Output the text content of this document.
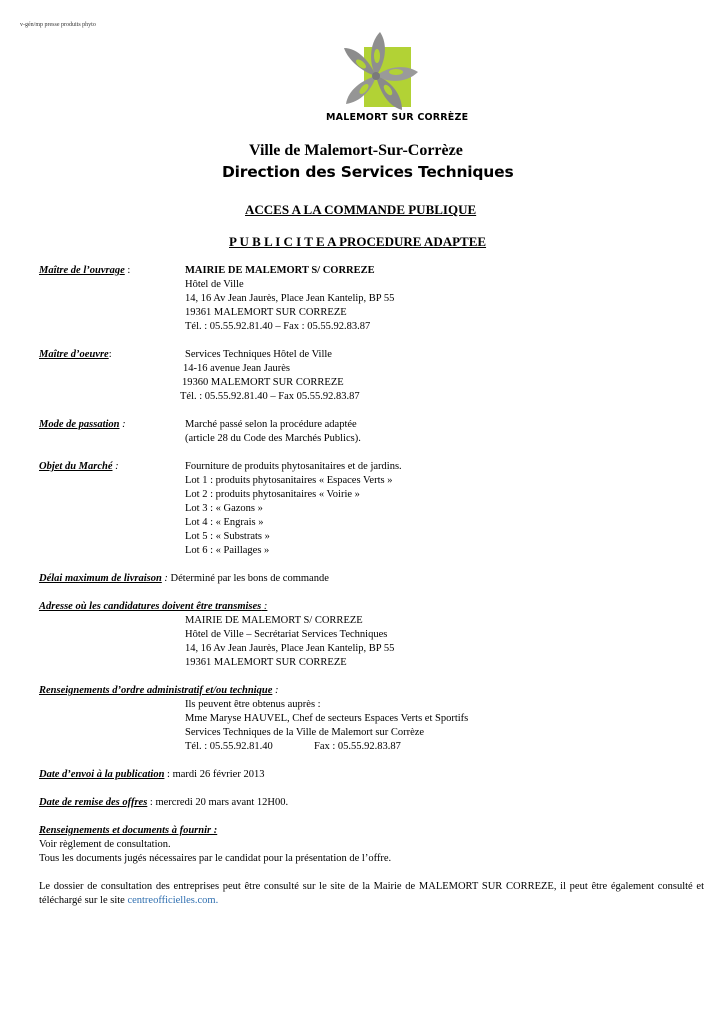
v-gén/mp presse produits phyto
MALEMORT SUR CORRÈZE
Ville de Malemort-Sur-Corrèze
Direction des Services Techniques
ACCES A LA COMMANDE PUBLIQUE
P U B L I C I T E A PROCEDURE ADAPTEE
Maître de l’ouvrage :	MAIRIE DE MALEMORT S/ CORREZE
Hôtel de Ville
14, 16 Av Jean Jaurès, Place Jean Kantelip, BP 55
19361 MALEMORT SUR CORREZE
Tél. : 05.55.92.81.40 – Fax : 05.55.92.83.87
Maître d’oeuvre:	Services Techniques Hôtel de Ville
14-16 avenue Jean Jaurès
19360 MALEMORT SUR CORREZE
Tél. : 05.55.92.81.40 – Fax 05.55.92.83.87
Mode de passation :	Marché passé selon la procédure adaptée
(article 28 du Code des Marchés Publics).
Objet du Marché :	Fourniture de produits phytosanitaires et de jardins.
Lot 1 : produits phytosanitaires « Espaces Verts »
Lot 2 : produits phytosanitaires « Voirie »
Lot 3 : « Gazons »
Lot 4 : « Engrais »
Lot 5 : « Substrats »
Lot 6 : « Paillages »
Délai maximum de livraison : Déterminé par les bons de commande
Adresse où les candidatures doivent être transmises :
MAIRIE DE MALEMORT S/ CORREZE
Hôtel de Ville – Secrétariat Services Techniques
14, 16 Av Jean Jaurès, Place Jean Kantelip, BP 55
19361 MALEMORT SUR CORREZE
Renseignements d’ordre administratif et/ou technique :
Ils peuvent être obtenus auprès :
Mme Maryse HAUVEL, Chef de secteurs Espaces Verts et Sportifs
Services Techniques de la Ville de Malemort sur Corrèze
Tél. : 05.55.92.81.40	Fax : 05.55.92.83.87
Date d’envoi à la publication : mardi 26 février 2013
Date de remise des offres : mercredi 20 mars avant 12H00.
Renseignements et documents à fournir :
Voir règlement de consultation.
Tous les documents jugés nécessaires par le candidat pour la présentation de l’offre.
Le dossier de consultation des entreprises peut être consulté sur le site de la Mairie de MALEMORT SUR CORREZE, il peut être également consulté et téléchargé sur le site centreofficielles.com.
